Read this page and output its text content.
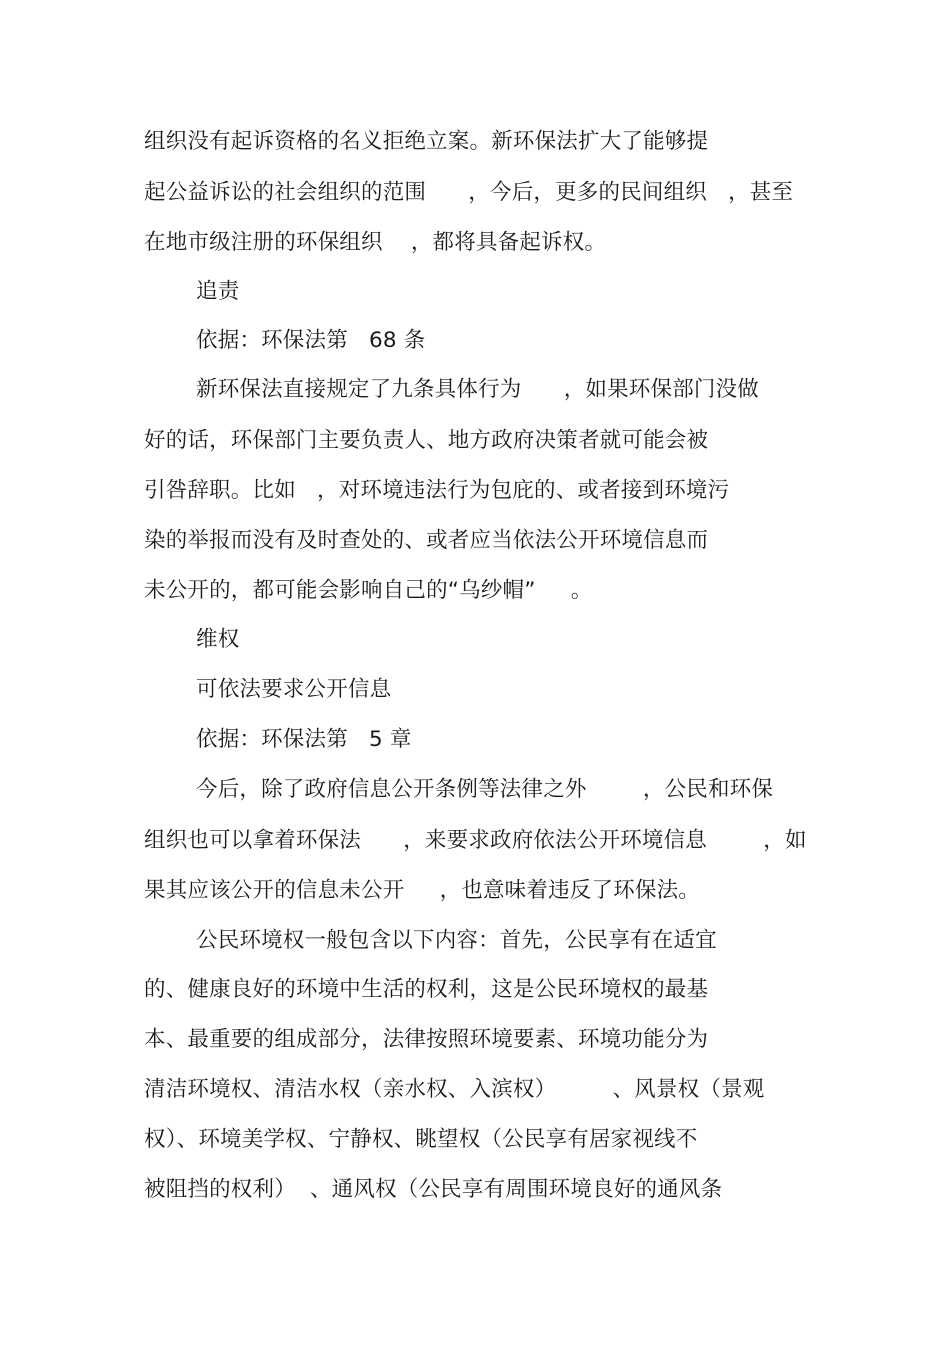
组织没有起诉资格的名义拒绝立案。新环保法扩大了能够提
起公益诉讼的社会组织的范围      ，今后，更多的民间组织   ，甚至
在地市级注册的环保组织    ，都将具备起诉权。
追责
依据：环保法第   68 条
新环保法直接规定了九条具体行为      ，如果环保部门没做
好的话，环保部门主要负责人、地方政府决策者就可能会被
引咎辞职。比如   ，对环境违法行为包庇的、或者接到环境污
染的举报而没有及时查处的、或者应当依法公开环境信息而
未公开的，都可能会影响自己的“乌纱帽”     。
维权
可依法要求公开信息
依据：环保法第   5 章
今后，除了政府信息公开条例等法律之外        ，公民和环保
组织也可以拿着环保法      ，来要求政府依法公开环境信息        ，如
果其应该公开的信息未公开     ，也意味着违反了环保法。
公民环境权一般包含以下内容：首先，公民享有在适宜
的、健康良好的环境中生活的权利，这是公民环境权的最基
本、最重要的组成部分，法律按照环境要素、环境功能分为
清洁环境权、清洁水权（亲水权、入滨权）        、风景权（景观
权）、环境美学权、宁静权、眺望权（公民享有居家视线不
被阻挡的权利）  、通风权（公民享有周围环境良好的通风条
